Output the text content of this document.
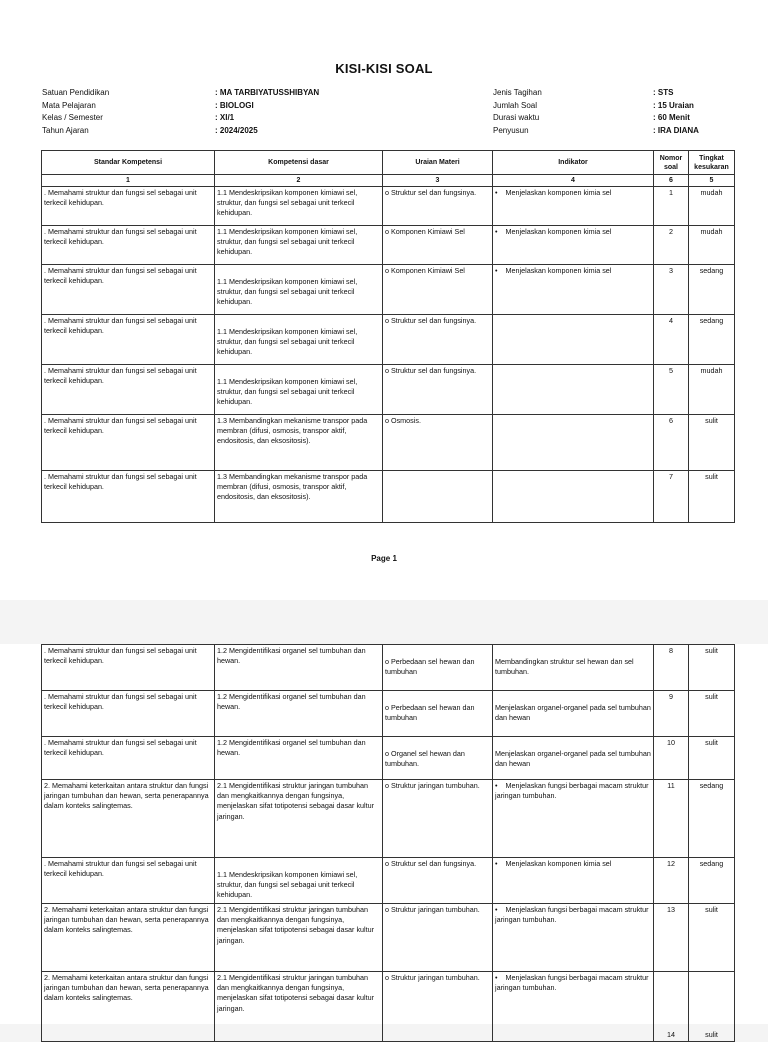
KISI-KISI SOAL
Satuan Pendidikan	: MA TARBIYATUSSHIBYAN
Mata Pelajaran	: BIOLOGI
Kelas / Semester	: XI/1
Tahun Ajaran	: 2024/2025
Jenis Tagihan	: STS
Jumlah Soal	: 15 Uraian
Durasi waktu	: 60 Menit
Penyusun	: IRA DIANA
Standar Kompetensi	Kompetensi dasar	Uraian Materi	Indikator	Nomor soal	Tingkat kesukaran
1	2	3	4	6	5
. Memahami struktur dan fungsi sel sebagai unit terkecil kehidupan.	1.1 Mendeskripsikan komponen kimiawi sel, struktur, dan fungsi sel sebagai unit terkecil kehidupan.	o Struktur sel dan fungsinya.	• Menjelaskan komponen kimia sel	1	mudah
. Memahami struktur dan fungsi sel sebagai unit terkecil kehidupan.	1.1 Mendeskripsikan komponen kimiawi sel, struktur, dan fungsi sel sebagai unit terkecil kehidupan.	o Komponen Kimiawi Sel	• Menjelaskan komponen kimia sel	2	mudah
. Memahami struktur dan fungsi sel sebagai unit terkecil kehidupan.	1.1 Mendeskripsikan komponen kimiawi sel, struktur, dan fungsi sel sebagai unit terkecil kehidupan.	o Komponen Kimiawi Sel	• Menjelaskan komponen kimia sel	3	sedang
. Memahami struktur dan fungsi sel sebagai unit terkecil kehidupan.	1.1 Mendeskripsikan komponen kimiawi sel, struktur, dan fungsi sel sebagai unit terkecil kehidupan.	o Struktur sel dan fungsinya.		4	sedang
. Memahami struktur dan fungsi sel sebagai unit terkecil kehidupan.	1.1 Mendeskripsikan komponen kimiawi sel, struktur, dan fungsi sel sebagai unit terkecil kehidupan.	o Struktur sel dan fungsinya.		5	mudah
. Memahami struktur dan fungsi sel sebagai unit terkecil kehidupan.	1.3 Membandingkan mekanisme transpor pada membran (difusi, osmosis, transpor aktif, endositosis, dan eksositosis).	o Osmosis.		6	sulit
. Memahami struktur dan fungsi sel sebagai unit terkecil kehidupan.	1.3 Membandingkan mekanisme transpor pada membran (difusi, osmosis, transpor aktif, endositosis, dan eksositosis).			7	sulit
Page 1
. Memahami struktur dan fungsi sel sebagai unit terkecil kehidupan.	1.2 Mengidentifikasi organel sel tumbuhan dan hewan.	o Perbedaan sel hewan dan tumbuhan	Membandingkan struktur sel hewan dan sel tumbuhan.	8	sulit
. Memahami struktur dan fungsi sel sebagai unit terkecil kehidupan.	1.2 Mengidentifikasi organel sel tumbuhan dan hewan.	o Perbedaan sel hewan dan tumbuhan	Menjelaskan organel-organel pada sel tumbuhan dan hewan	9	sulit
. Memahami struktur dan fungsi sel sebagai unit terkecil kehidupan.	1.2 Mengidentifikasi organel sel tumbuhan dan hewan.	o Organel sel hewan dan tumbuhan.	Menjelaskan organel-organel pada sel tumbuhan dan hewan	10	sulit
2. Memahami keterkaitan antara struktur dan fungsi jaringan tumbuhan dan hewan, serta penerapannya dalam konteks salingtemas.	2.1 Mengidentifikasi struktur jaringan tumbuhan dan mengkaitkannya dengan fungsinya, menjelaskan sifat totipotensi sebagai dasar kultur jaringan.	o Struktur jaringan tumbuhan.	• Menjelaskan fungsi berbagai macam struktur jaringan tumbuhan.	11	sedang
. Memahami struktur dan fungsi sel sebagai unit terkecil kehidupan.	1.1 Mendeskripsikan komponen kimiawi sel, struktur, dan fungsi sel sebagai unit terkecil kehidupan.	o Struktur sel dan fungsinya.	• Menjelaskan komponen kimia sel	12	sedang
2. Memahami keterkaitan antara struktur dan fungsi jaringan tumbuhan dan hewan, serta penerapannya dalam konteks salingtemas.	2.1 Mengidentifikasi struktur jaringan tumbuhan dan mengkaitkannya dengan fungsinya, menjelaskan sifat totipotensi sebagai dasar kultur jaringan.	o Struktur jaringan tumbuhan.	• Menjelaskan fungsi berbagai macam struktur jaringan tumbuhan.	13	sulit
2. Memahami keterkaitan antara struktur dan fungsi jaringan tumbuhan dan hewan, serta penerapannya dalam konteks salingtemas.	2.1 Mengidentifikasi struktur jaringan tumbuhan dan mengkaitkannya dengan fungsinya, menjelaskan sifat totipotensi sebagai dasar kultur jaringan.	o Struktur jaringan tumbuhan.	• Menjelaskan fungsi berbagai macam struktur jaringan tumbuhan.	14	sulit
